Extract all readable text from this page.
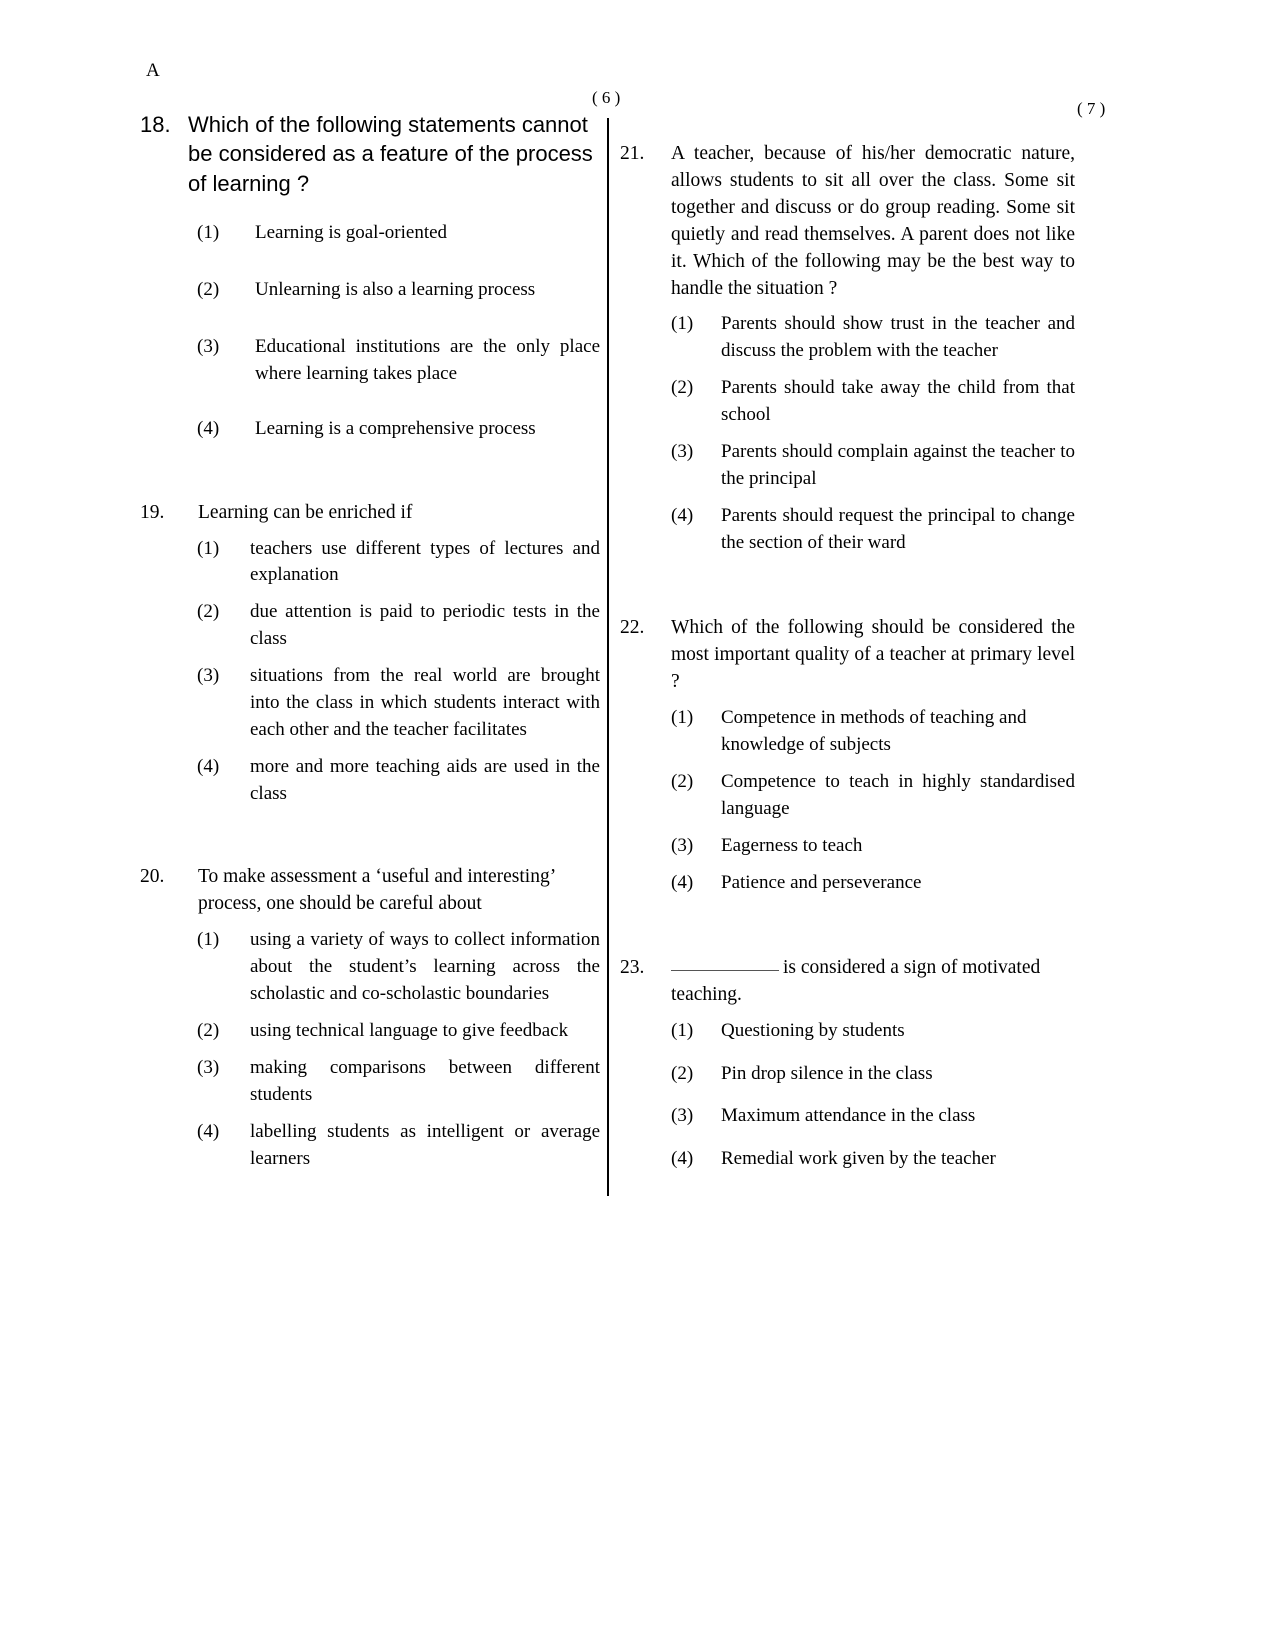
A
( 6 )
( 7 )
18. Which of the following statements cannot be considered as a feature of the process of learning ?
(1)	Learning is goal-oriented
(2)	Unlearning is also a learning process
(3)	Educational institutions are the only place where learning takes place
(4)	Learning is a comprehensive process
19.	Learning can be enriched if
(1)	teachers use different types of lectures and explanation
(2)	due attention is paid to periodic tests in the class
(3)	situations from the real world are brought into the class in which students interact with each other and the teacher facilitates
(4)	more and more teaching aids are used in the class
20.	To make assessment a ‘useful and interesting’ process, one should be careful about
(1)	using a variety of ways to collect information about the student’s learning across the scholastic and co-scholastic boundaries
(2)	using technical language to give feedback
(3)	making comparisons between different students
(4)	labelling students as intelligent or average learners
21.	A teacher, because of his/her democratic nature, allows students to sit all over the class. Some sit together and discuss or do group reading. Some sit quietly and read themselves. A parent does not like it. Which of the following may be the best way to handle the situation ?
(1)	Parents should show trust in the teacher and discuss the problem with the teacher
(2)	Parents should take away the child from that school
(3)	Parents should complain against the teacher to the principal
(4)	Parents should request the principal to change the section of their ward
22.	Which of the following should be considered the most important quality of a teacher at primary level ?
(1)	Competence in methods of teaching and knowledge of subjects
(2)	Competence to teach in highly standardised language
(3)	Eagerness to teach
(4)	Patience and perseverance
23.	is considered a sign of motivated teaching.
(1)	Questioning by students
(2)	Pin drop silence in the class
(3)	Maximum attendance in the class
(4)	Remedial work given by the teacher
